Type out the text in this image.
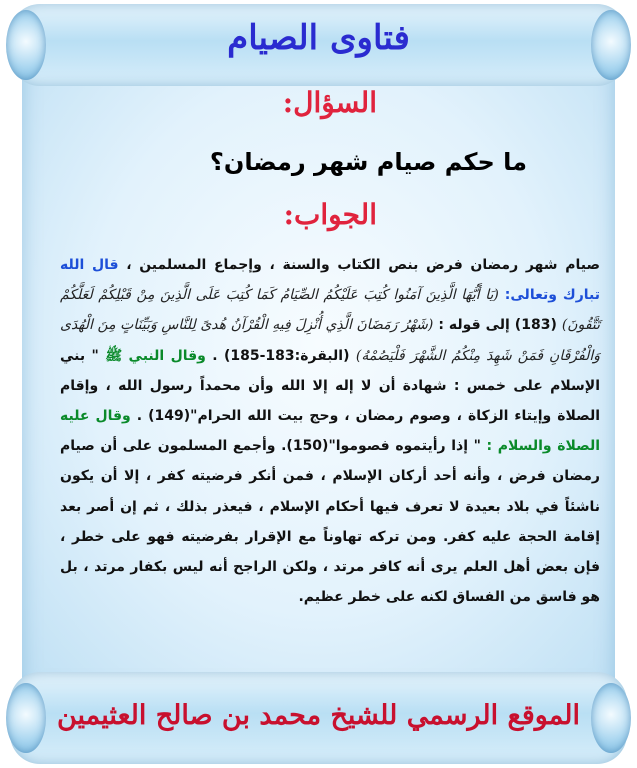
فتاوى الصيام
السؤال:
ما حكم صيام شهر رمضان؟
الجواب:
صيام شهر رمضان فرض بنص الكتاب والسنة ، وإجماع المسلمين ، قال الله تبارك وتعالى: (يَا أَيُّهَا الَّذِينَ آمَنُوا كُتِبَ عَلَيْكُمُ الصِّيَامُ كَمَا كُتِبَ عَلَى الَّذِينَ مِنْ قَبْلِكُمْ لَعَلَّكُمْ تَتَّقُونَ) (183) إلى قوله : (شَهْرُ رَمَضَانَ الَّذِي أُنْزِلَ فِيهِ الْقُرْآنُ هُدىً لِلنَّاسِ وَبَيِّنَاتٍ مِنَ الْهُدَى وَالْفُرْقَانِ فَمَنْ شَهِدَ مِنْكُمُ الشَّهْرَ فَلْيَصُمْهُ) (البقرة:183-185) . وقال النبي ﷺ " بني الإسلام على خمس : شهادة أن لا إله إلا الله وأن محمداً رسول الله ، وإقام الصلاة وإيتاء الزكاة ، وصوم رمضان ، وحج بيت الله الحرام"(149) . وقال عليه الصلاة والسلام : " إذا رأيتموه فصوموا"(150). وأجمع المسلمون على أن صيام رمضان فرض ، وأنه أحد أركان الإسلام ، فمن أنكر فرضيته كفر ، إلا أن يكون ناشئاً في بلاد بعيدة لا تعرف فيها أحكام الإسلام ، فيعذر بذلك ، ثم إن أصر بعد إقامة الحجة عليه كفر. ومن تركه تهاوناً مع الإقرار بفرضيته فهو على خطر ، فإن بعض أهل العلم يرى أنه كافر مرتد ، ولكن الراجح أنه ليس بكفار مرتد ، بل هو فاسق من الفساق لكنه على خطر عظيم.
الموقع الرسمي للشيخ محمد بن صالح العثيمين
